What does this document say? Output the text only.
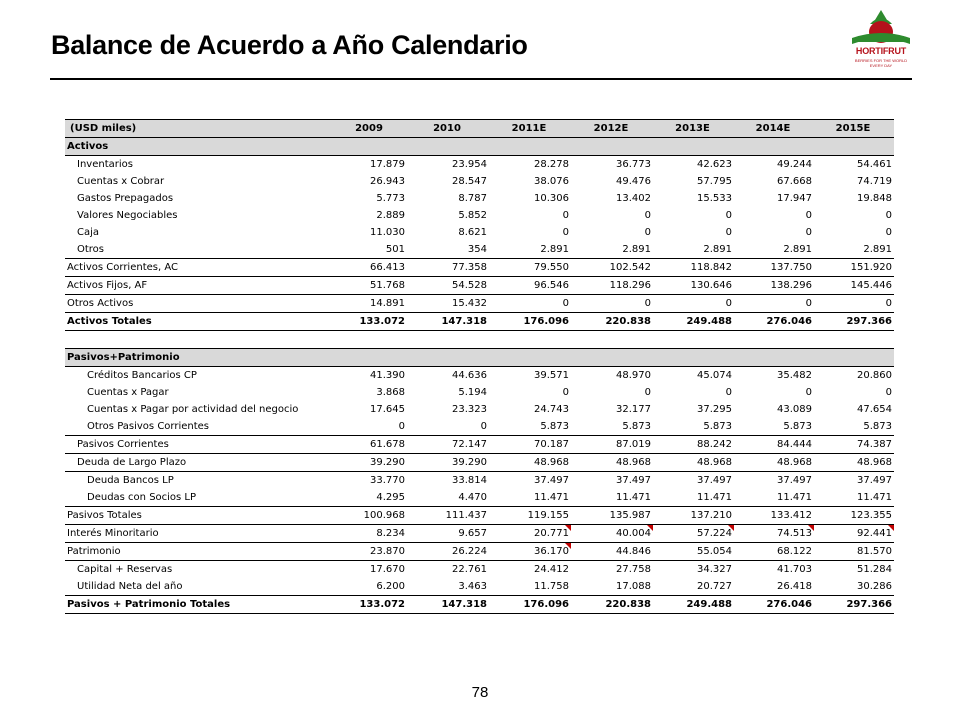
Balance de Acuerdo a Año Calendario	HORTIFRUT
BERRIES FOR THE WORLD EVERY DAY
(USD miles)	2009	2010	2011E	2012E	2013E	2014E	2015E
Activos							
Inventarios	17.879	23.954	28.278	36.773	42.623	49.244	54.461
Cuentas x Cobrar	26.943	28.547	38.076	49.476	57.795	67.668	74.719
Gastos Prepagados	5.773	8.787	10.306	13.402	15.533	17.947	19.848
Valores Negociables	2.889	5.852	0	0	0	0	0
Caja	11.030	8.621	0	0	0	0	0
Otros	501	354	2.891	2.891	2.891	2.891	2.891
Activos Corrientes, AC	66.413	77.358	79.550	102.542	118.842	137.750	151.920
Activos Fijos, AF	51.768	54.528	96.546	118.296	130.646	138.296	145.446
Otros Activos	14.891	15.432	0	0	0	0	0
Activos Totales	133.072	147.318	176.096	220.838	249.488	276.046	297.366

Pasivos+Patrimonio							
Créditos Bancarios CP	41.390	44.636	39.571	48.970	45.074	35.482	20.860
Cuentas x Pagar	3.868	5.194	0	0	0	0	0
Cuentas x Pagar por actividad del negocio	17.645	23.323	24.743	32.177	37.295	43.089	47.654
Otros Pasivos Corrientes	0	0	5.873	5.873	5.873	5.873	5.873
Pasivos Corrientes	61.678	72.147	70.187	87.019	88.242	84.444	74.387
Deuda de Largo Plazo	39.290	39.290	48.968	48.968	48.968	48.968	48.968
Deuda Bancos LP	33.770	33.814	37.497	37.497	37.497	37.497	37.497
Deudas con Socios LP	4.295	4.470	11.471	11.471	11.471	11.471	11.471
Pasivos Totales	100.968	111.437	119.155	135.987	137.210	133.412	123.355
Interés Minoritario	8.234	9.657	20.771	40.004	57.224	74.513	92.441

Patrimonio	23.870	26.224	36.170	44.846	55.054	68.122	81.570
Capital + Reservas	17.670	22.761	24.412	27.758	34.327	41.703	51.284
Utilidad Neta del año	6.200	3.463	11.758	17.088	20.727	26.418	30.286
Pasivos + Patrimonio Totales	133.072	147.318	176.096	220.838	249.488	276.046	297.366
78
